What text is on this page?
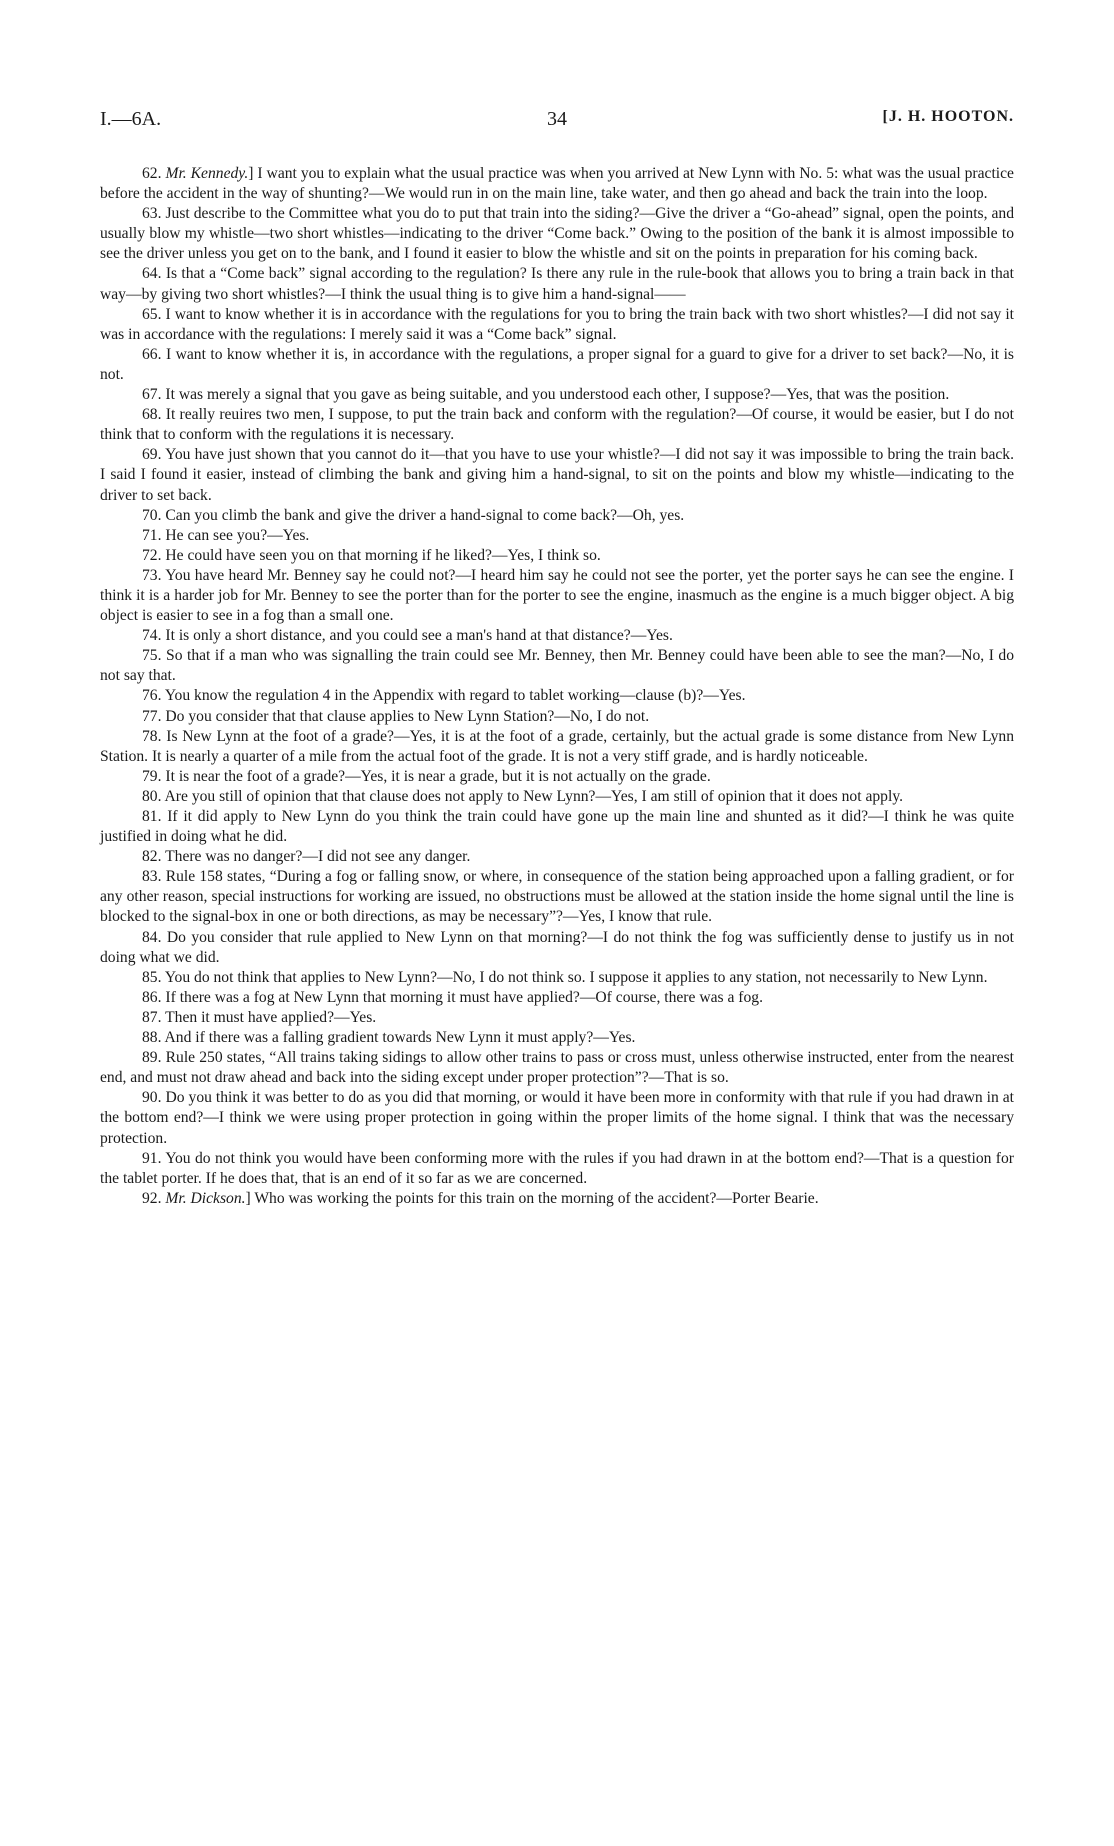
I.—6A.	34	[J. H. HOOTON.

62. Mr. Kennedy.] I want you to explain what the usual practice was when you arrived at New Lynn with No. 5: what was the usual practice before the accident in the way of shunting?—We would run in on the main line, take water, and then go ahead and back the train into the loop.

63. Just describe to the Committee what you do to put that train into the siding?—Give the driver a “Go-ahead” signal, open the points, and usually blow my whistle—two short whistles—indicating to the driver “Come back.” Owing to the position of the bank it is almost impossible to see the driver unless you get on to the bank, and I found it easier to blow the whistle and sit on the points in preparation for his coming back.

64. Is that a “Come back” signal according to the regulation? Is there any rule in the rule-book that allows you to bring a train back in that way—by giving two short whistles?—I think the usual thing is to give him a hand-signal——

65. I want to know whether it is in accordance with the regulations for you to bring the train back with two short whistles?—I did not say it was in accordance with the regulations: I merely said it was a “Come back” signal.

66. I want to know whether it is, in accordance with the regulations, a proper signal for a guard to give for a driver to set back?—No, it is not.

67. It was merely a signal that you gave as being suitable, and you understood each other, I suppose?—Yes, that was the position.

68. It really reuires two men, I suppose, to put the train back and conform with the regulation?—Of course, it would be easier, but I do not think that to conform with the regulations it is necessary.

69. You have just shown that you cannot do it—that you have to use your whistle?—I did not say it was impossible to bring the train back. I said I found it easier, instead of climbing the bank and giving him a hand-signal, to sit on the points and blow my whistle—indicating to the driver to set back.

70. Can you climb the bank and give the driver a hand-signal to come back?—Oh, yes.

71. He can see you?—Yes.

72. He could have seen you on that morning if he liked?—Yes, I think so.

73. You have heard Mr. Benney say he could not?—I heard him say he could not see the porter, yet the porter says he can see the engine. I think it is a harder job for Mr. Benney to see the porter than for the porter to see the engine, inasmuch as the engine is a much bigger object. A big object is easier to see in a fog than a small one.

74. It is only a short distance, and you could see a man's hand at that distance?—Yes.

75. So that if a man who was signalling the train could see Mr. Benney, then Mr. Benney could have been able to see the man?—No, I do not say that.

76. You know the regulation 4 in the Appendix with regard to tablet working—clause (b)?—Yes.

77. Do you consider that that clause applies to New Lynn Station?—No, I do not.

78. Is New Lynn at the foot of a grade?—Yes, it is at the foot of a grade, certainly, but the actual grade is some distance from New Lynn Station. It is nearly a quarter of a mile from the actual foot of the grade. It is not a very stiff grade, and is hardly noticeable.

79. It is near the foot of a grade?—Yes, it is near a grade, but it is not actually on the grade.

80. Are you still of opinion that that clause does not apply to New Lynn?—Yes, I am still of opinion that it does not apply.

81. If it did apply to New Lynn do you think the train could have gone up the main line and shunted as it did?—I think he was quite justified in doing what he did.

82. There was no danger?—I did not see any danger.

83. Rule 158 states, “During a fog or falling snow, or where, in consequence of the station being approached upon a falling gradient, or for any other reason, special instructions for working are issued, no obstructions must be allowed at the station inside the home signal until the line is blocked to the signal-box in one or both directions, as may be necessary”?—Yes, I know that rule.

84. Do you consider that rule applied to New Lynn on that morning?—I do not think the fog was sufficiently dense to justify us in not doing what we did.

85. You do not think that applies to New Lynn?—No, I do not think so. I suppose it applies to any station, not necessarily to New Lynn.

86. If there was a fog at New Lynn that morning it must have applied?—Of course, there was a fog.

87. Then it must have applied?—Yes.

88. And if there was a falling gradient towards New Lynn it must apply?—Yes.

89. Rule 250 states, “All trains taking sidings to allow other trains to pass or cross must, unless otherwise instructed, enter from the nearest end, and must not draw ahead and back into the siding except under proper protection”?—That is so.

90. Do you think it was better to do as you did that morning, or would it have been more in conformity with that rule if you had drawn in at the bottom end?—I think we were using proper protection in going within the proper limits of the home signal. I think that was the necessary protection.

91. You do not think you would have been conforming more with the rules if you had drawn in at the bottom end?—That is a question for the tablet porter. If he does that, that is an end of it so far as we are concerned.

92. Mr. Dickson.] Who was working the points for this train on the morning of the accident?—Porter Bearie.
